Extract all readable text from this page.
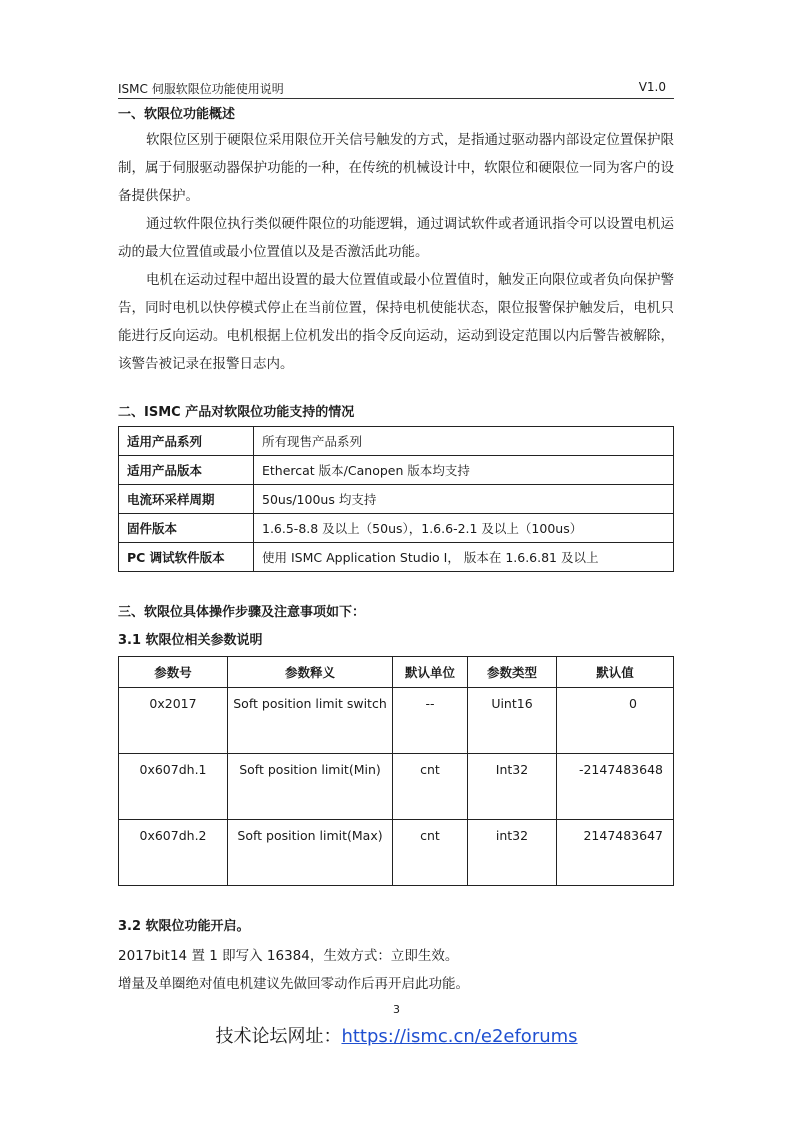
ISMC 伺服软限位功能使用说明	V1.0

一、软限位功能概述

软限位区别于硬限位采用限位开关信号触发的方式，是指通过驱动器内部设定位置保护限制，属于伺服驱动器保护功能的一种，在传统的机械设计中，软限位和硬限位一同为客户的设备提供保护。

通过软件限位执行类似硬件限位的功能逻辑，通过调试软件或者通讯指令可以设置电机运动的最大位置值或最小位置值以及是否激活此功能。

电机在运动过程中超出设置的最大位置值或最小位置值时，触发正向限位或者负向保护警告，同时电机以快停模式停止在当前位置，保持电机使能状态，限位报警保护触发后，电机只能进行反向运动。电机根据上位机发出的指令反向运动，运动到设定范围以内后警告被解除，该警告被记录在报警日志内。

二、ISMC 产品对软限位功能支持的情况

适用产品系列	所有现售产品系列
适用产品版本	Ethercat 版本/Canopen 版本均支持
电流环采样周期	50us/100us 均支持
固件版本	1.6.5-8.8 及以上（50us），1.6.6-2.1 及以上（100us）
PC 调试软件版本	使用 ISMC Application Studio I， 版本在 1.6.6.81 及以上

三、软限位具体操作步骤及注意事项如下：

3.1 软限位相关参数说明

参数号	参数释义	默认单位	参数类型	默认值
0x2017	Soft position limit switch	--	Uint16	0
0x607dh.1	Soft position limit(Min)	cnt	Int32	-2147483648
0x607dh.2	Soft position limit(Max)	cnt	int32	2147483647

3.2 软限位功能开启。

2017bit14 置 1 即写入 16384，生效方式：立即生效。

增量及单圈绝对值电机建议先做回零动作后再开启此功能。

3
技术论坛网址：https://ismc.cn/e2eforums
